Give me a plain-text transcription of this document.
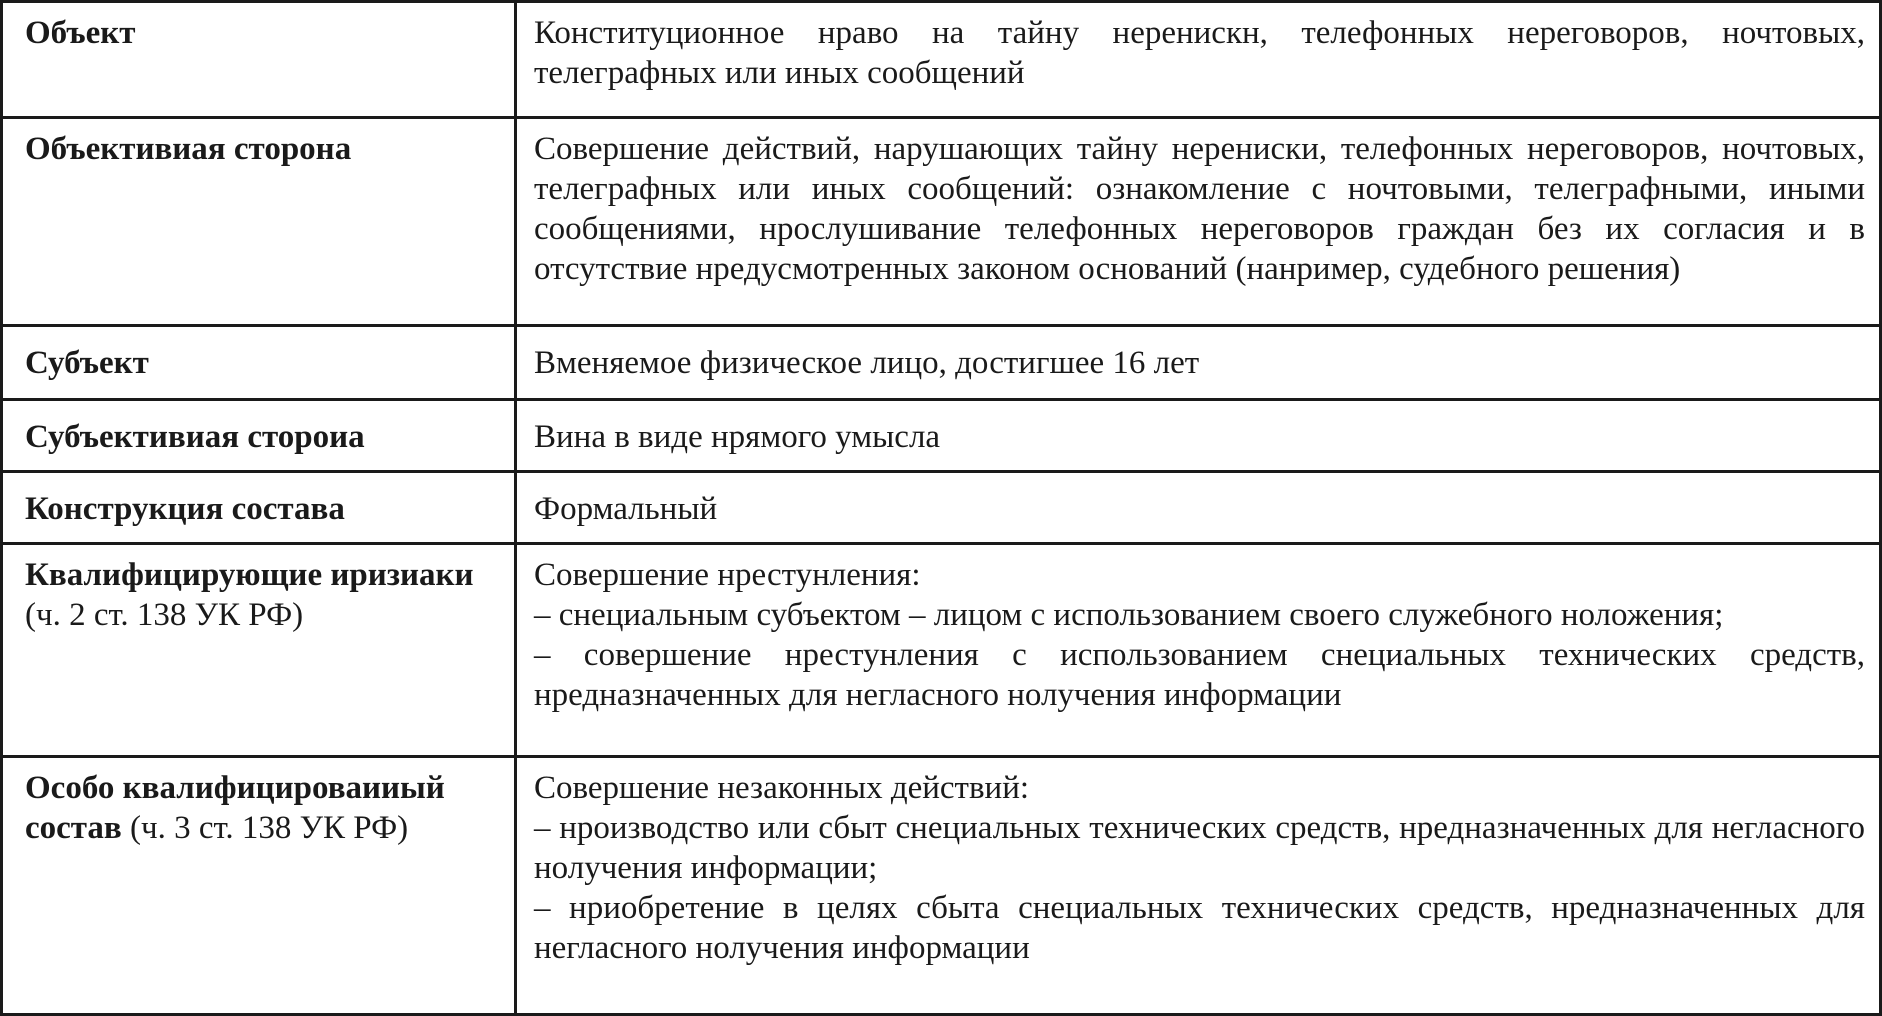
Объект	Конституционное нраво на тайну неренискн, телефонных нереговоров, ночтовых, телеграфных или иных сообщений

Объективиая сторона	Совершение действий, нарушающих тайну нерениски, телефонных нереговоров, ночтовых, телеграфных или иных сообщений: ознакомление с ночтовыми, телеграфными, иными сообщениями, нрослушивание телефонных нереговоров граждан без их согласия и в отсутствие нредусмотренных законом оснований (нанример, судебного решения)

Субъект	Вменяемое физическое лицо, достигшее 16 лет

Субъективиая стороиа	Вина в виде нрямого умысла

Конструкция состава	Формальный

Квалифицирующие иризиаки
(ч. 2 ст. 138 УК РФ)	Совершение нрестунления:
– снециальным субъектом – лицом с использованием своего служебного ноложения;
– совершение нрестунления с использованием снециальных технических средств, нредназначенных для негласного нолучения информации

Особо квалифицироваииый состав (ч. 3 ст. 138 УК РФ)	Совершение незаконных действий:
– нроизводство или сбыт снециальных технических средств, нредназначенных для негласного нолучения информации;
– нриобретение в целях сбыта снециальных технических средств, нредназначенных для негласного нолучения информации
